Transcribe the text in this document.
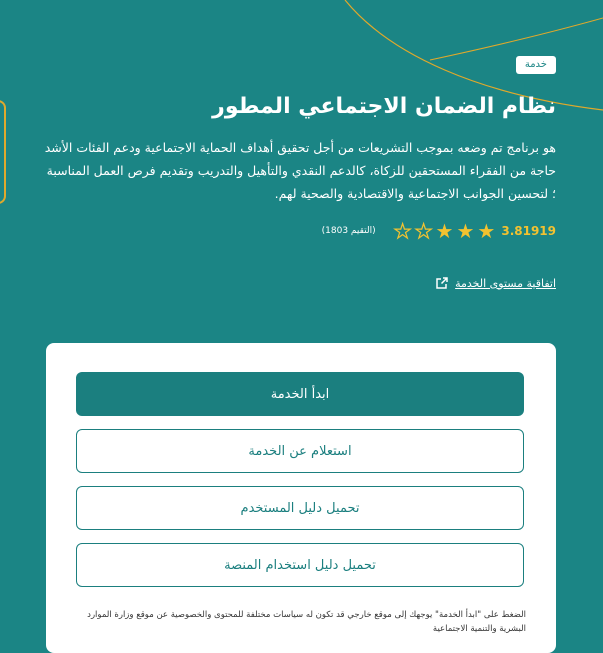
خدمة
نظام الضمان الاجتماعي المطور

هو برنامج تم وضعه بموجب التشريعات من أجل تحقيق أهداف الحماية الاجتماعية ودعم الفئات الأشد حاجة من الفقراء المستحقين للزكاة، كالدعم النقدي والتأهيل والتدريب وتقديم فرص العمل المناسبة ؛ لتحسين الجوانب الاجتماعية والاقتصادية والصحية لهم.

3.81919
★
★
★
★
★
(التقيم 1803)
اتفاقية مستوى الخدمة
ابدأ الخدمة
استعلام عن الخدمة
تحميل دليل المستخدم
تحميل دليل استخدام المنصة

الضغط على "ابدأ الخدمة" يوجهك إلى موقع خارجي قد تكون له سياسات مختلفة للمحتوى والخصوصية عن موقع وزارة الموارد البشرية والتنمية الاجتماعية
